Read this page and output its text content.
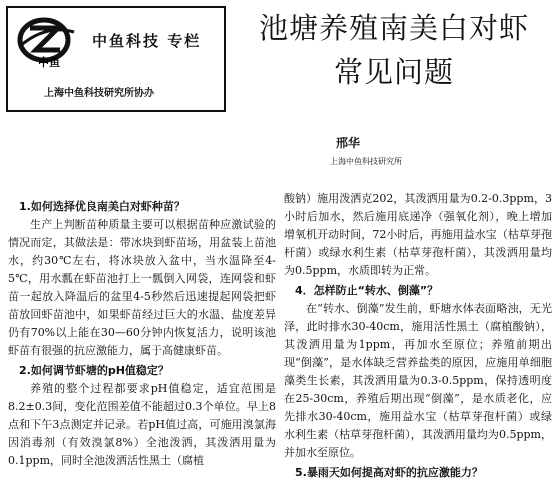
中鱼
中鱼科技 专栏
上海中鱼科技研究所协办
池塘养殖南美白对虾
常见问题
邢华
上海中鱼科技研究所
1.如何选择优良南美白对虾种苗？

生产上判断苗种质量主要可以根据苗种应激试验的情况而定，其做法是：带冰块到虾苗场，用盆装上苗池水，约30℃左右，将冰块放入盆中，当水温降至4-5℃，用水瓢在虾苗池打上一瓢倒入网袋，连网袋和虾苗一起放入降温后的盆里4-5秒然后迅速提起网袋把虾苗放回虾苗池中，如果虾苗经过巨大的水温、盐度差异仍有70%以上能在30—60分钟内恢复活力，说明该池虾苗有很强的抗应激能力，属于高健康虾苗。

2.如何调节虾塘的pH值稳定？

养殖的整个过程都要求pH值稳定，适宜范围是8.2±0.3间，变化范围差值不能超过0.3个单位。早上8点和下午3点测定并记录。若pH值过高，可施用溴氯海因消毒剂（有效溴氯8%）全池泼洒，其泼洒用量为0.1ppm，同时全池泼洒活性黑土（腐植

酸钠）施用泼洒克202，其泼洒用量为0.2-0.3ppm，3小时后加水，然后施用底递净（强氧化剂），晚上增加增氧机开动时间，72小时后，再施用益水宝（枯草芽孢杆菌）或绿水利生素（枯草芽孢杆菌），其泼洒用量均为0.5ppm，水质即转为正常。

4．怎样防止“转水、倒藻”？

在“转水、倒藻”发生前，虾塘水体表面略浊，无光泽，此时排水30-40cm，施用活性黑土（腐植酸钠），其泼洒用量为1ppm，再加水至原位；养殖前期出现“倒藻”，是水体缺乏营养盐类的原因，应施用单细胞藻类生长素，其泼洒用量为0.3-0.5ppm，保持透明度在25-30cm，养殖后期出现“倒藻”，是水质老化，应先排水30-40cm，施用益水宝（枯草芽孢杆菌）或绿水利生素（枯草芽孢杆菌），其泼洒用量均为0.5ppm，并加水至原位。

5.暴雨天如何提高对虾的抗应激能力？
